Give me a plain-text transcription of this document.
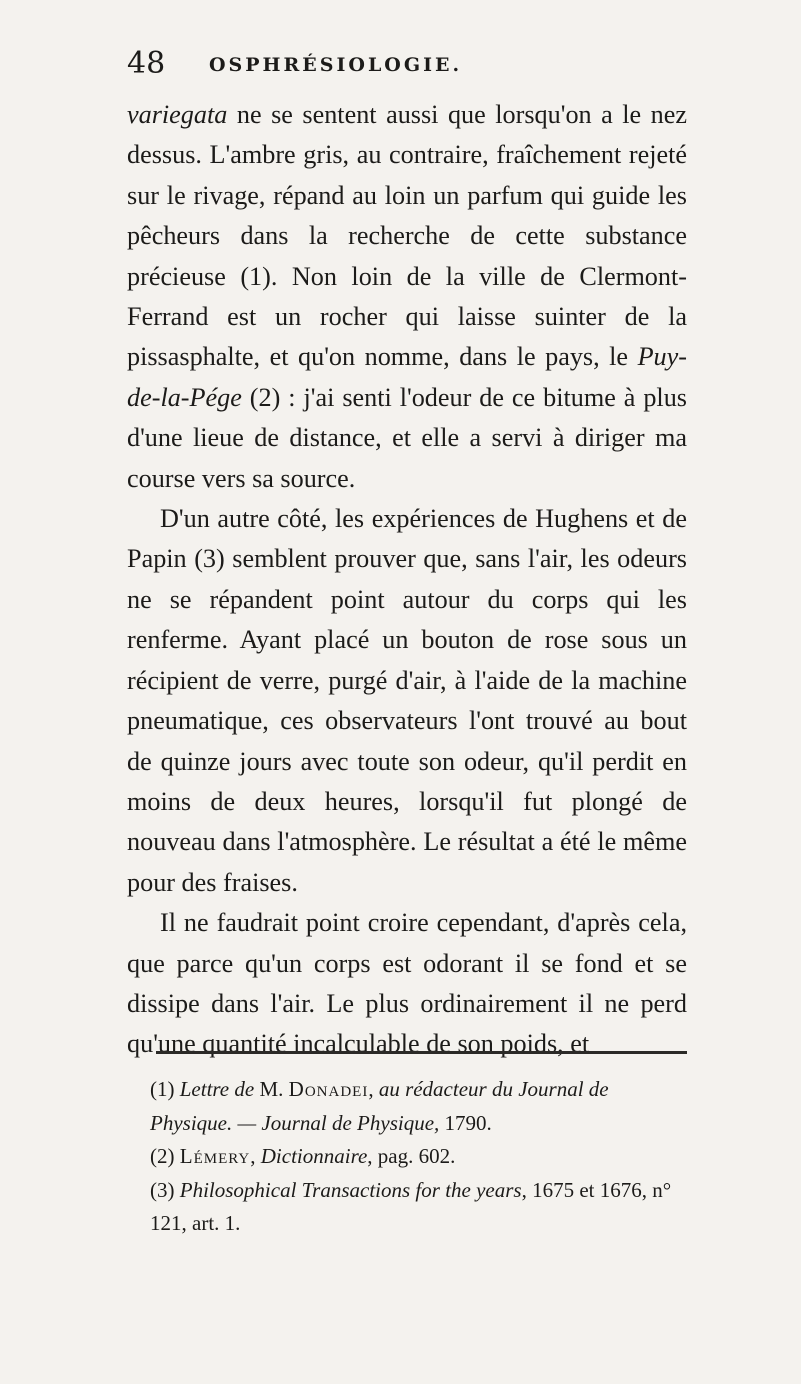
48 OSPHRÉSIOLOGIE.

variegata ne se sentent aussi que lorsqu'on a le nez dessus. L'ambre gris, au contraire, fraîchement rejeté sur le rivage, répand au loin un parfum qui guide les pêcheurs dans la recherche de cette substance précieuse (1). Non loin de la ville de Clermont-Ferrand est un rocher qui laisse suinter de la pissasphalte, et qu'on nomme, dans le pays, le Puy-de-la-Pége (2) : j'ai senti l'odeur de ce bitume à plus d'une lieue de distance, et elle a servi à diriger ma course vers sa source.

D'un autre côté, les expériences de Hughens et de Papin (3) semblent prouver que, sans l'air, les odeurs ne se répandent point autour du corps qui les renferme. Ayant placé un bouton de rose sous un récipient de verre, purgé d'air, à l'aide de la machine pneumatique, ces observateurs l'ont trouvé au bout de quinze jours avec toute son odeur, qu'il perdit en moins de deux heures, lorsqu'il fut plongé de nouveau dans l'atmosphère. Le résultat a été le même pour des fraises.

Il ne faudrait point croire cependant, d'après cela, que parce qu'un corps est odorant il se fond et se dissipe dans l'air. Le plus ordinairement il ne perd qu'une quantité incalculable de son poids, et

(1) Lettre de M. Donadei, au rédacteur du Journal de Physique. — Journal de Physique, 1790.

(2) Lémery, Dictionnaire, pag. 602.

(3) Philosophical Transactions for the years, 1675 et 1676, n° 121, art. 1.
